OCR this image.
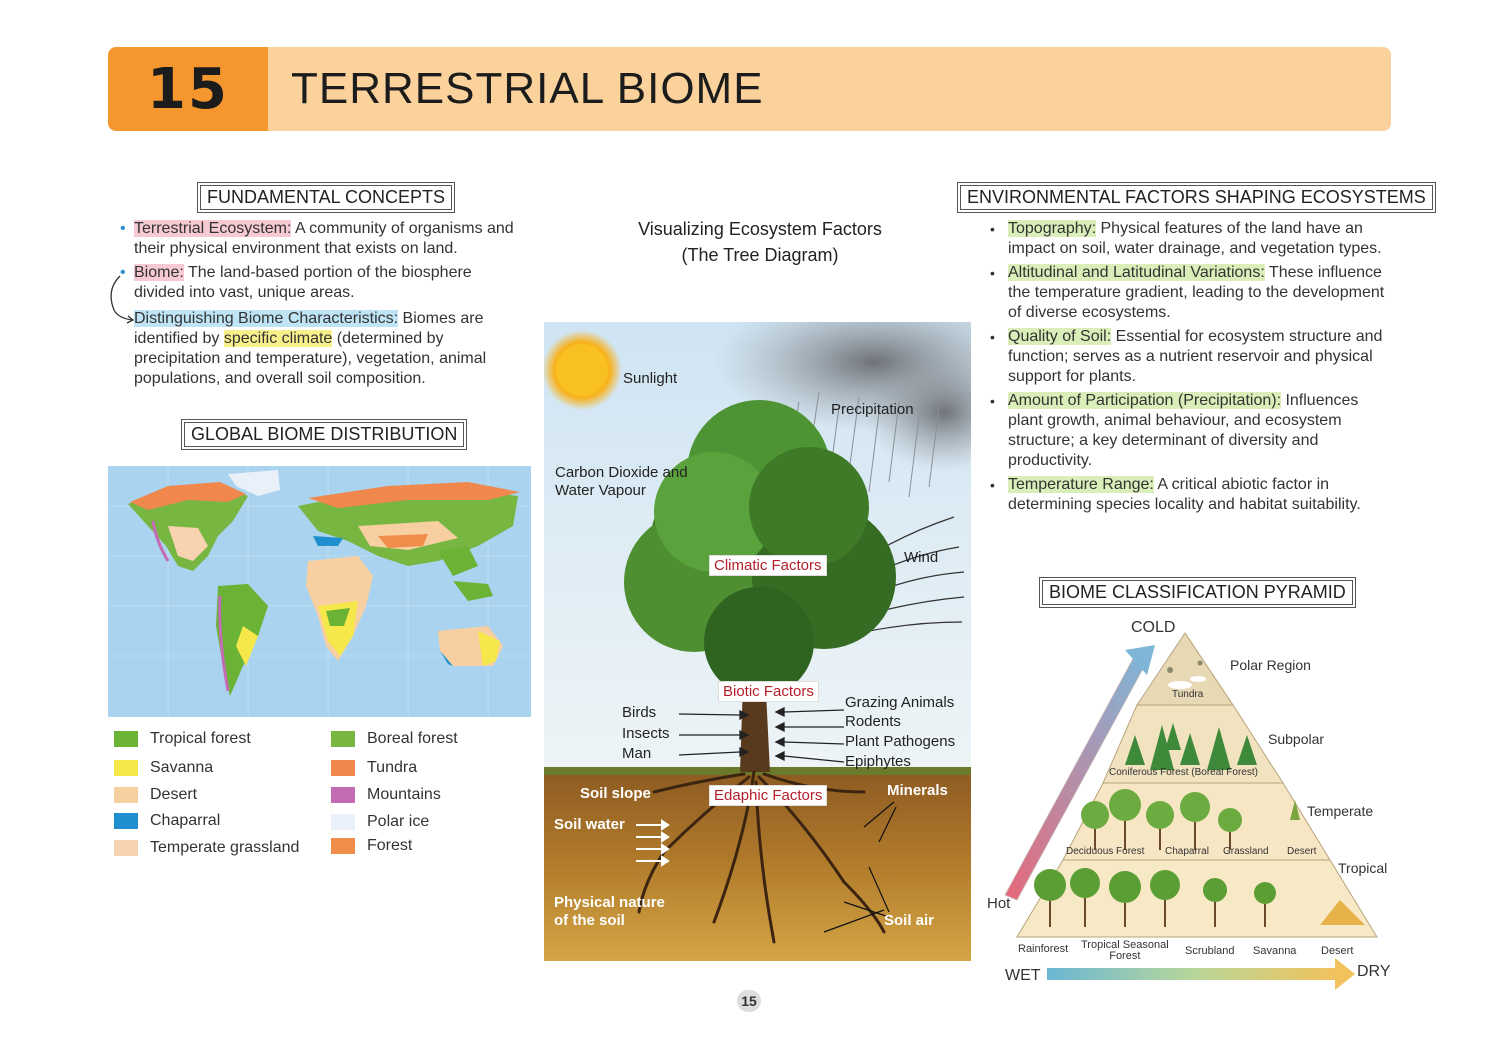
15	TERRESTRIAL BIOME
FUNDAMENTAL CONCEPTS
• Terrestrial Ecosystem: A community of organisms and their physical environment that exists on land.
• Biome: The land-based portion of the biosphere divided into vast, unique areas.
Distinguishing Biome Characteristics: Biomes are identified by specific climate (determined by precipitation and temperature), vegetation, animal populations, and overall soil composition.
GLOBAL BIOME DISTRIBUTION
Tropical forest
Savanna
Desert
Chaparral
Temperate grassland
Boreal forest
Tundra
Mountains
Polar ice
Forest
Visualizing Ecosystem Factors
(The Tree Diagram)
Sunlight
Precipitation
Carbon Dioxide and
Water Vapour
Wind
Climatic Factors
Biotic Factors
Birds
Insects
Man
Grazing Animals
Rodents
Plant Pathogens
Epiphytes
Soil slope	Edaphic Factors	Minerals
Soil water
Physical nature
of the soil	Soil air
ENVIRONMENTAL FACTORS SHAPING ECOSYSTEMS
• Topography: Physical features of the land have an impact on soil, water drainage, and vegetation types.
• Altitudinal and Latitudinal Variations: These influence the temperature gradient, leading to the development of diverse ecosystems.
• Quality of Soil: Essential for ecosystem structure and function; serves as a nutrient reservoir and physical support for plants.
• Amount of Participation (Precipitation): Influences plant growth, animal behaviour, and ecosystem structure; a key determinant of diversity and productivity.
• Temperature Range: A critical abiotic factor in determining species locality and habitat suitability.
BIOME CLASSIFICATION PYRAMID
COLD
Hot
WET	DRY
Polar Region
Subpolar
Temperate
Tropical
Tundra
Coniferous Forest (Boreal Forest)
Deciduous Forest Chaparral Grassland Desert
Rainforest Tropical Seasonal
Forest	Scrubland Savanna Desert
15
